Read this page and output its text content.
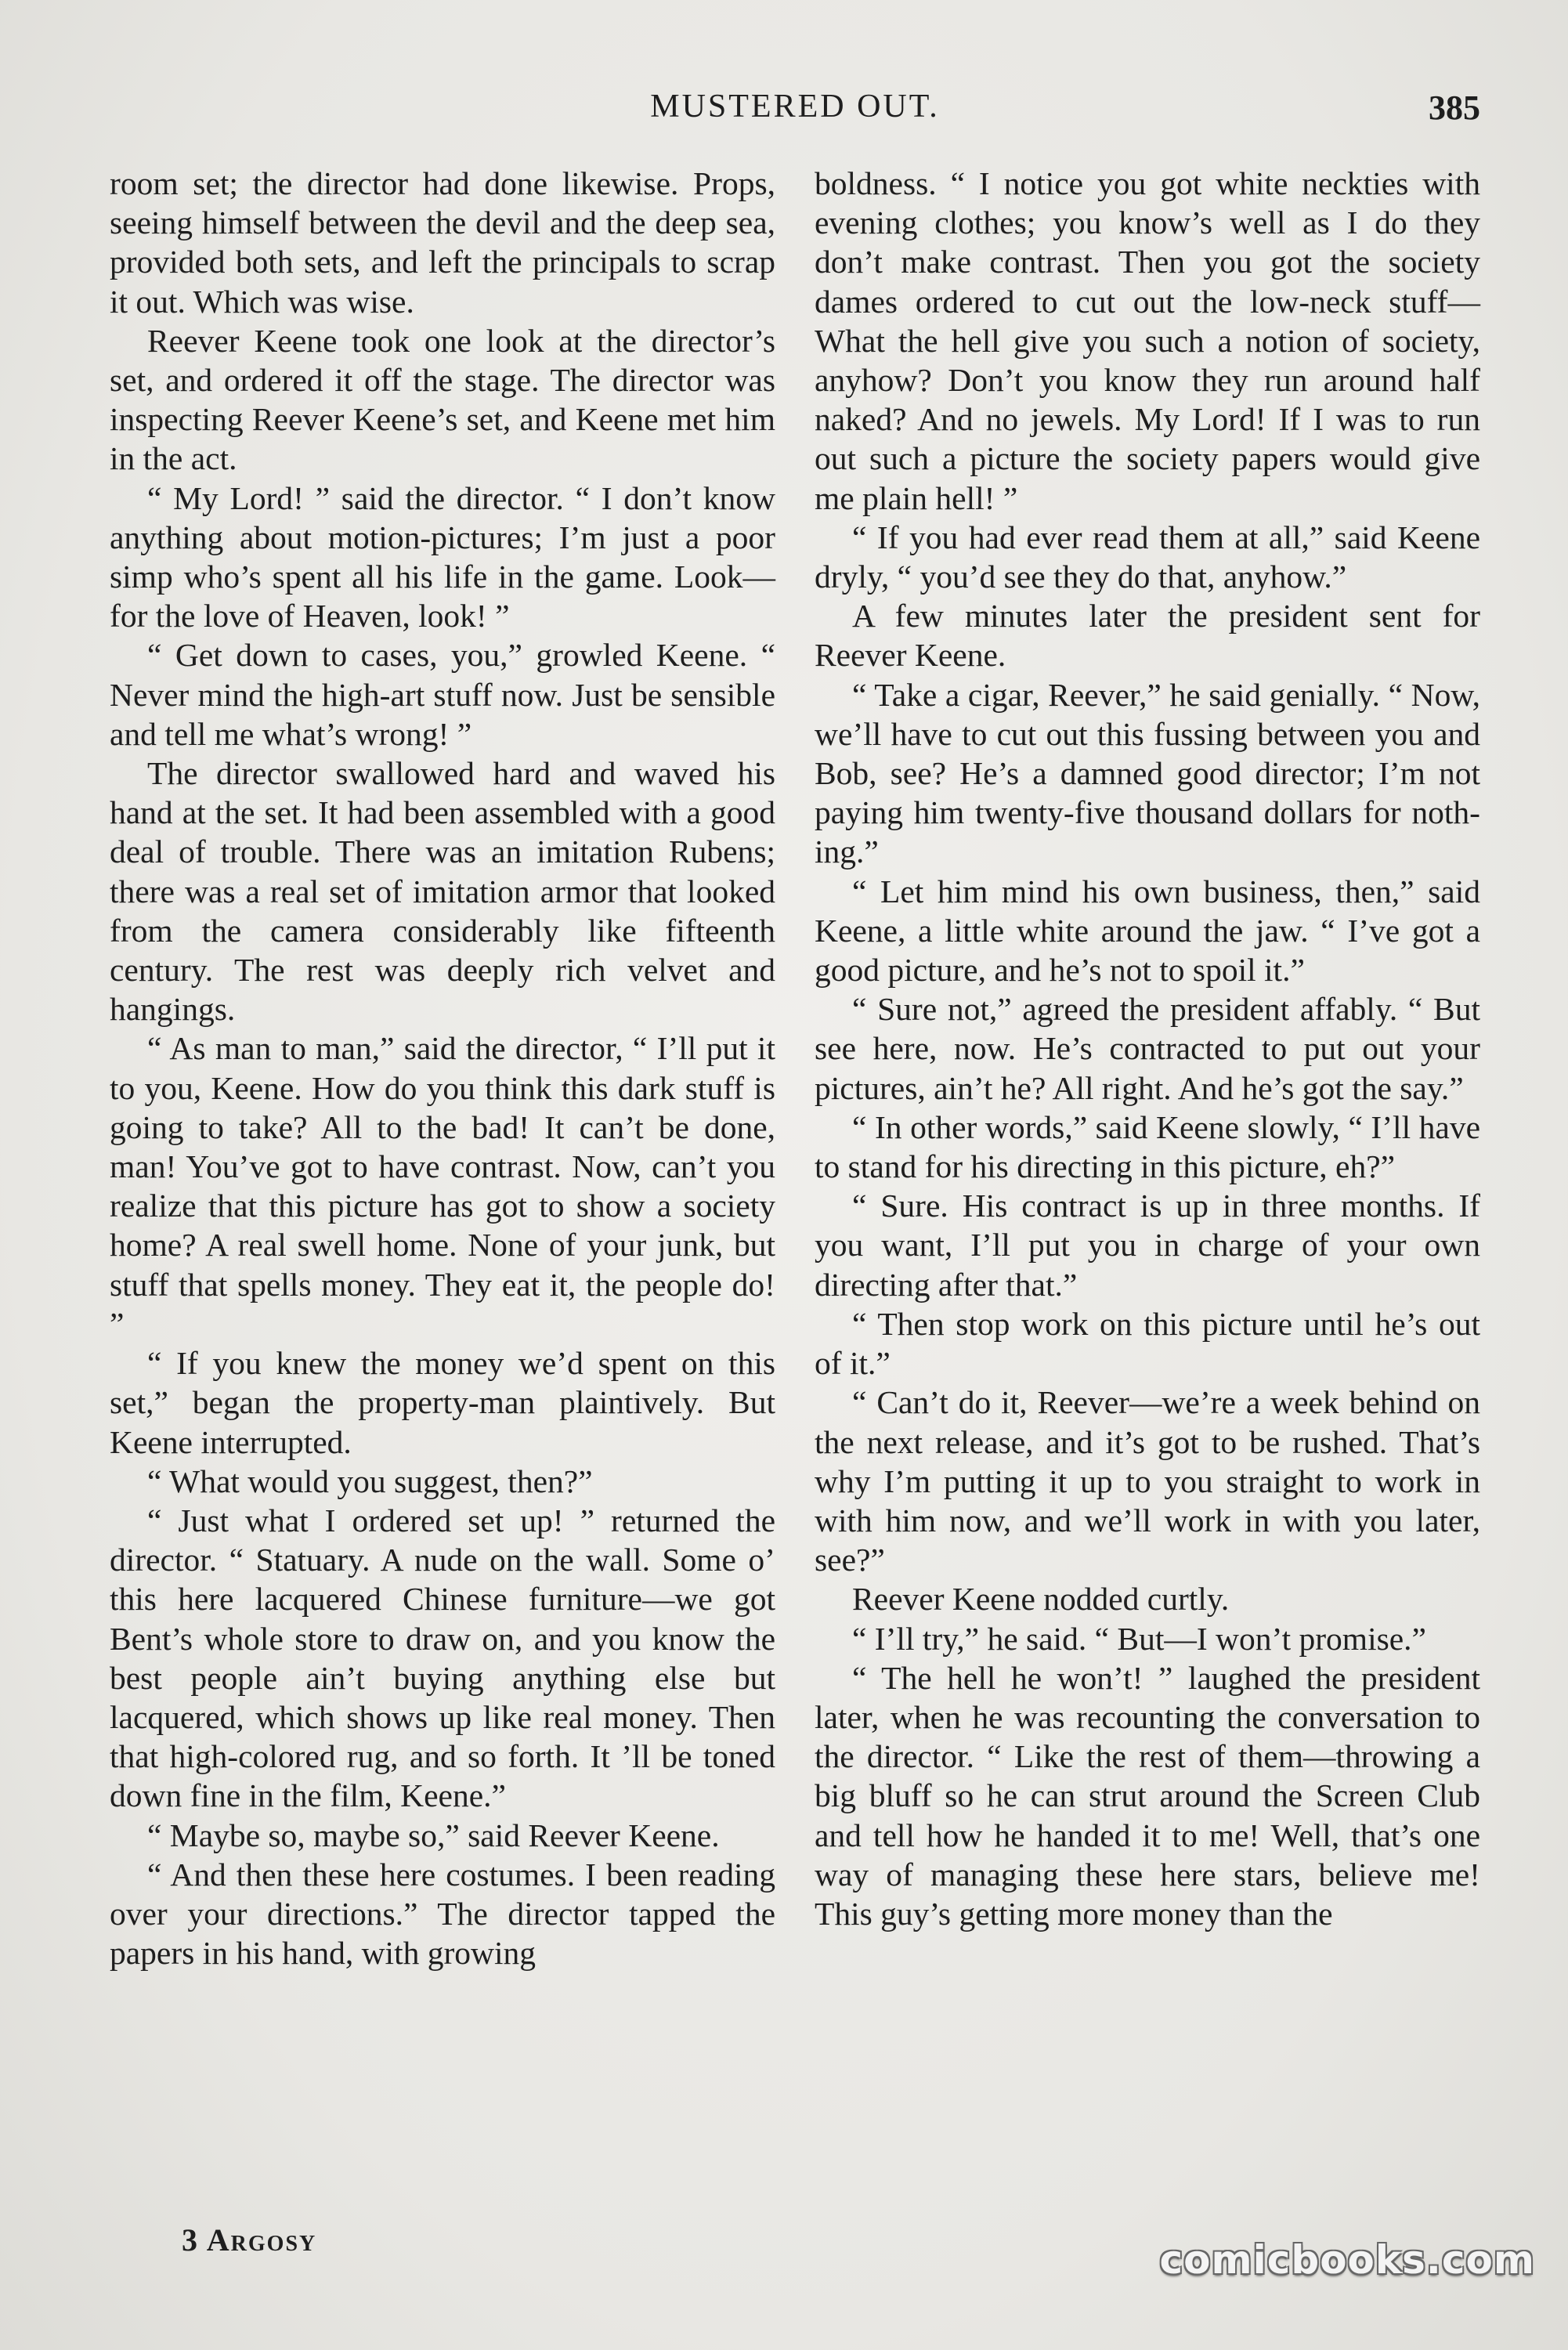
MUSTERED OUT.	385

room set; the director had done likewise. Props, seeing himself between the devil and the deep sea, provided both sets, and left the principals to scrap it out. Which was wise.

Reever Keene took one look at the director’s set, and ordered it off the stage. The director was inspecting Reever Keene’s set, and Keene met him in the act.

“ My Lord! ” said the director. “ I don’t know anything about motion-pictures; I’m just a poor simp who’s spent all his life in the game. Look—for the love of Heaven, look! ”

“ Get down to cases, you,” growled Keene. “ Never mind the high-art stuff now. Just be sensible and tell me what’s wrong! ”

The director swallowed hard and waved his hand at the set. It had been assembled with a good deal of trouble. There was an imitation Rubens; there was a real set of imitation armor that looked from the camera considerably like fifteenth century. The rest was deeply rich velvet and hangings.

“ As man to man,” said the director, “ I’ll put it to you, Keene. How do you think this dark stuff is going to take? All to the bad! It can’t be done, man! You’ve got to have contrast. Now, can’t you realize that this picture has got to show a society home? A real swell home. None of your junk, but stuff that spells money. They eat it, the people do! ”

“ If you knew the money we’d spent on this set,” began the property-man plaintively. But Keene interrupted.

“ What would you suggest, then?”

“ Just what I ordered set up! ” returned the director. “ Statuary. A nude on the wall. Some o’ this here lacquered Chinese furniture—we got Bent’s whole store to draw on, and you know the best people ain’t buying anything else but lacquered, which shows up like real money. Then that high-colored rug, and so forth. It ’ll be toned down fine in the film, Keene.”

“ Maybe so, maybe so,” said Reever Keene.

“ And then these here costumes. I been reading over your directions.” The director tapped the papers in his hand, with growing

boldness. “ I notice you got white neckties with evening clothes; you know’s well as I do they don’t make contrast. Then you got the society dames ordered to cut out the low-neck stuff— What the hell give you such a notion of society, anyhow? Don’t you know they run around half naked? And no jewels. My Lord! If I was to run out such a picture the society papers would give me plain hell! ”

“ If you had ever read them at all,” said Keene dryly, “ you’d see they do that, anyhow.”

A few minutes later the president sent for Reever Keene.

“ Take a cigar, Reever,” he said genially. “ Now, we’ll have to cut out this fussing between you and Bob, see? He’s a damned good director; I’m not paying him twenty-five thousand dollars for nothing.”

“ Let him mind his own business, then,” said Keene, a little white around the jaw. “ I’ve got a good picture, and he’s not to spoil it.”

“ Sure not,” agreed the president affably. “ But see here, now. He’s contracted to put out your pictures, ain’t he? All right. And he’s got the say.”

“ In other words,” said Keene slowly, “ I’ll have to stand for his directing in this picture, eh?”

“ Sure. His contract is up in three months. If you want, I’ll put you in charge of your own directing after that.”

“ Then stop work on this picture until he’s out of it.”

“ Can’t do it, Reever—we’re a week behind on the next release, and it’s got to be rushed. That’s why I’m putting it up to you straight to work in with him now, and we’ll work in with you later, see?”

Reever Keene nodded curtly.

“ I’ll try,” he said. “ But—I won’t promise.”

“ The hell he won’t! ” laughed the president later, when he was recounting the conversation to the director. “ Like the rest of them—throwing a big bluff so he can strut around the Screen Club and tell how he handed it to me! Well, that’s one way of managing these here stars, believe me! This guy’s getting more money than the

3 Argosy	comicbooks.com
